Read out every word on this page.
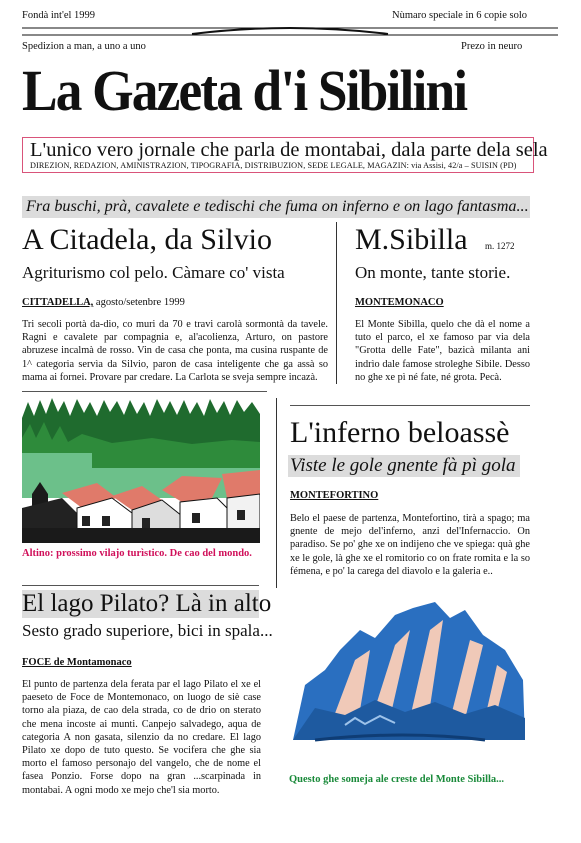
Fondà int'el 1999	Nùmaro speciale in 6 copie solo
Spedizion a man, a uno a uno	Prezo in neuro
La Gazeta d'i Sibilini
L'unico vero jornale che parla de montabai, dala parte dela sela
DIREZION, REDAZION, AMINISTRAZION, TIPOGRAFIA, DISTRIBUZION, SEDE LEGALE, MAGAZIN: via Assisi, 42/a – SUISIN (PD)
Fra buschi, prà, cavalete e tedischi che fuma on inferno e on lago fantasma...
A Citadela, da Silvio
Agriturismo col pelo. Càmare co' vista
CITTADELLA, agosto/setenbre 1999
Tri secoli portà da-dio, co muri da 70 e travi carolà sormontà da tavele. Ragni e cavalete par compagnia e, al'acolienza, Arturo, on pastore abruzese incalmà de rosso. Vin de casa che ponta, ma cusina ruspante de 1^ categoria servìa da Silvio, paron de casa inteligente che ga assà so mama ai fornei. Provare par credare. La Carlota se sveja sempre incazà.
M.Sibilla m. 1272
On monte, tante storie.
MONTEMONACO
El Monte Sibilla, quelo che dà el nome a tuto el parco, el xe famoso par via dela "Grotta delle Fate", bazicà milanta ani indrìo dale famose stroleghe Sibile. Desso no ghe xe pì né fate, né grota. Pecà.
Altino: prossimo vilajo turìstico. De cao del mondo.
L'inferno beloassè
Viste le gole gnente fà pì gola
MONTEFORTINO
Belo el paese de partenza, Montefortino, tirà a spago; ma gnente de mejo del'inferno, anzi del'Infernaccio. On paradiso. Se po' ghe xe on indijeno che ve spiega: quà ghe xe le gole, là ghe xe el romitorio co on frate romita e la so fémena, e po' la carega del diavolo e la galeria e..
El lago Pilato? Là in alto
Sesto grado superiore, bici in spala...
FOCE de Montamonaco
El punto de partenza dela ferata par el lago Pilato el xe el paeseto de Foce de Montemonaco, on luogo de siè case torno ala piaza, de cao dela strada, co de drio on sterato che mena incoste ai munti. Canpejo salvadego, aqua de categoria A non gasata, silenzio da no credare. El lago Pilato xe dopo de tuto questo. Se vocifera che ghe sia morto el famoso personajo del vangelo, che de nome el fasea Ponzio. Forse dopo na gran ...scarpinada in montabai. A ogni modo xe mejo che'l sia morto.
Questo ghe someja ale creste del Monte Sibilla...
